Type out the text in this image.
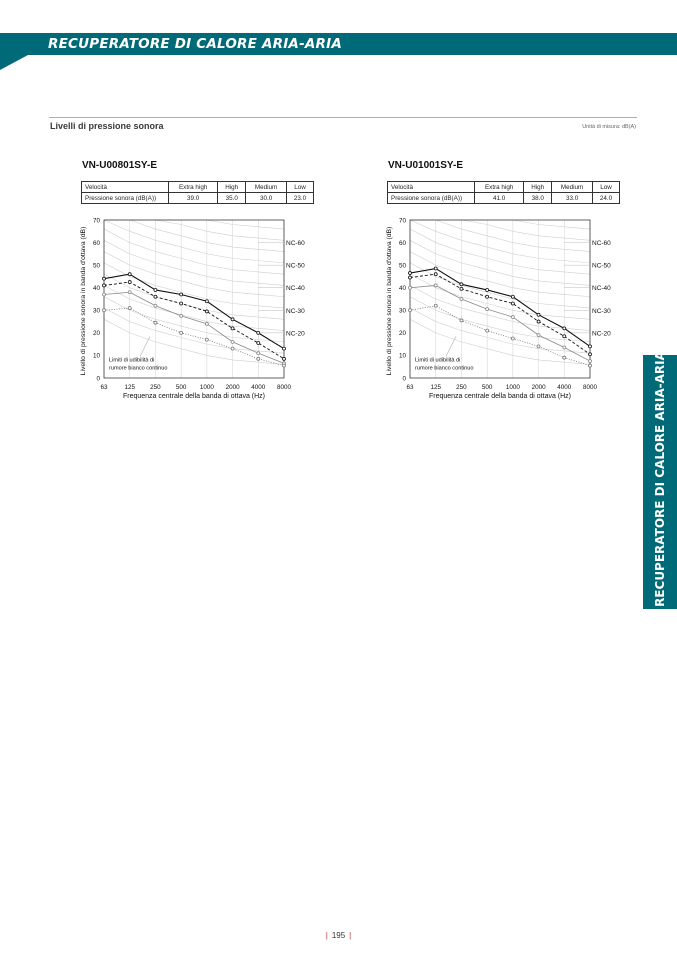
RECUPERATORE DI CALORE ARIA-ARIA
Livelli di pressione sonora	Unità di misura: dB(A)
VN-U00801SY-E
Velocità	Extra high	High	Medium	Low
Pressione sonora (dB(A))	39.0	35.0	30.0	23.0
VN-U01001SY-E
Velocità	Extra high	High	Medium	Low
Pressione sonora (dB(A))	41.0	38.0	33.0	24.0
NC-60
NC-50
NC-40
NC-30
NC-20
0
10
20
30
40
50
60
70
63	125 250 500 1000 2000 4000 8000
Frequenza centrale della banda di ottava (Hz)
Livello di pressione sonora in banda d'ottava (dB)	Limiti di udibilità di
rumore bianco continuo
NC-60
NC-50
NC-40
NC-30
NC-20
0
10
20
30
40
50
60
70
63	125 250 500 1000 2000 4000 8000
Frequenza centrale della banda di ottava (Hz)
Livello di pressione sonora in banda d'ottava (dB)	Limiti di udibilità di
rumore bianco continuo	RECUPERATORE DI CALORE ARIA-ARIA
| 195 |
